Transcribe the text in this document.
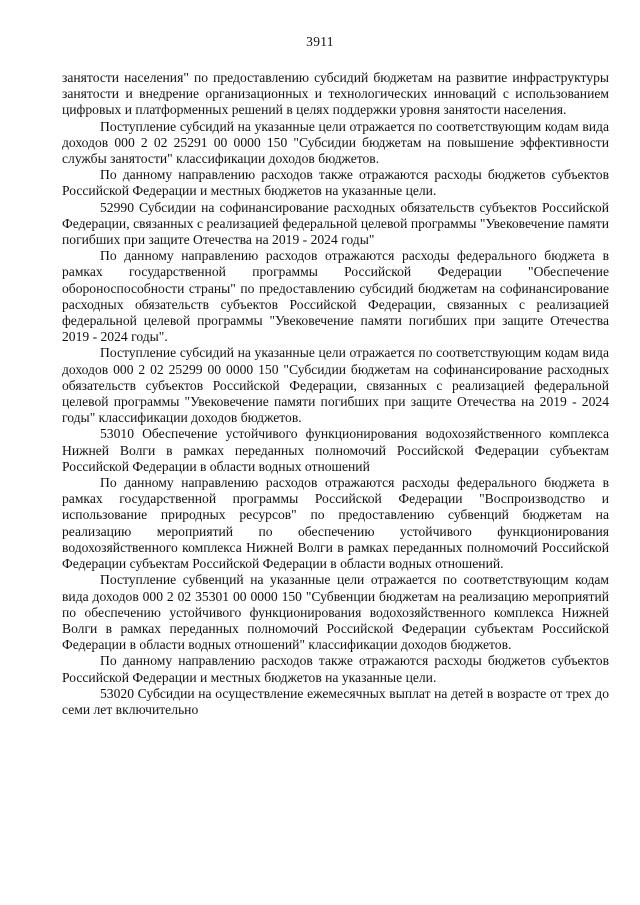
3911

занятости населения" по предоставлению субсидий бюджетам на развитие инфраструктуры занятости и внедрение организационных и технологических инноваций с использованием цифровых и платформенных решений в целях поддержки уровня занятости населения.

Поступление субсидий на указанные цели отражается по соответствующим кодам вида доходов 000 2 02 25291 00 0000 150 "Субсидии бюджетам на повышение эффективности службы занятости" классификации доходов бюджетов.

По данному направлению расходов также отражаются расходы бюджетов субъектов Российской Федерации и местных бюджетов на указанные цели.

52990 Субсидии на софинансирование расходных обязательств субъектов Российской Федерации, связанных с реализацией федеральной целевой программы "Увековечение памяти погибших при защите Отечества на 2019 - 2024 годы"

По данному направлению расходов отражаются расходы федерального бюджета в рамках государственной программы Российской Федерации "Обеспечение обороноспособности страны" по предоставлению субсидий бюджетам на софинансирование расходных обязательств субъектов Российской Федерации, связанных с реализацией федеральной целевой программы "Увековечение памяти погибших при защите Отечества 2019 - 2024 годы".

Поступление субсидий на указанные цели отражается по соответствующим кодам вида доходов 000 2 02 25299 00 0000 150 "Субсидии бюджетам на софинансирование расходных обязательств субъектов Российской Федерации, связанных с реализацией федеральной целевой программы "Увековечение памяти погибших при защите Отечества на 2019 - 2024 годы" классификации доходов бюджетов.

53010 Обеспечение устойчивого функционирования водохозяйственного комплекса Нижней Волги в рамках переданных полномочий Российской Федерации субъектам Российской Федерации в области водных отношений

По данному направлению расходов отражаются расходы федерального бюджета в рамках государственной программы Российской Федерации "Воспроизводство и использование природных ресурсов" по предоставлению субвенций бюджетам на реализацию мероприятий по обеспечению устойчивого функционирования водохозяйственного комплекса Нижней Волги в рамках переданных полномочий Российской Федерации субъектам Российской Федерации в области водных отношений.

Поступление субвенций на указанные цели отражается по соответствующим кодам вида доходов 000 2 02 35301 00 0000 150 "Субвенции бюджетам на реализацию мероприятий по обеспечению устойчивого функционирования водохозяйственного комплекса Нижней Волги в рамках переданных полномочий Российской Федерации субъектам Российской Федерации в области водных отношений" классификации доходов бюджетов.

По данному направлению расходов также отражаются расходы бюджетов субъектов Российской Федерации и местных бюджетов на указанные цели.

53020 Субсидии на осуществление ежемесячных выплат на детей в возрасте от трех до семи лет включительно
